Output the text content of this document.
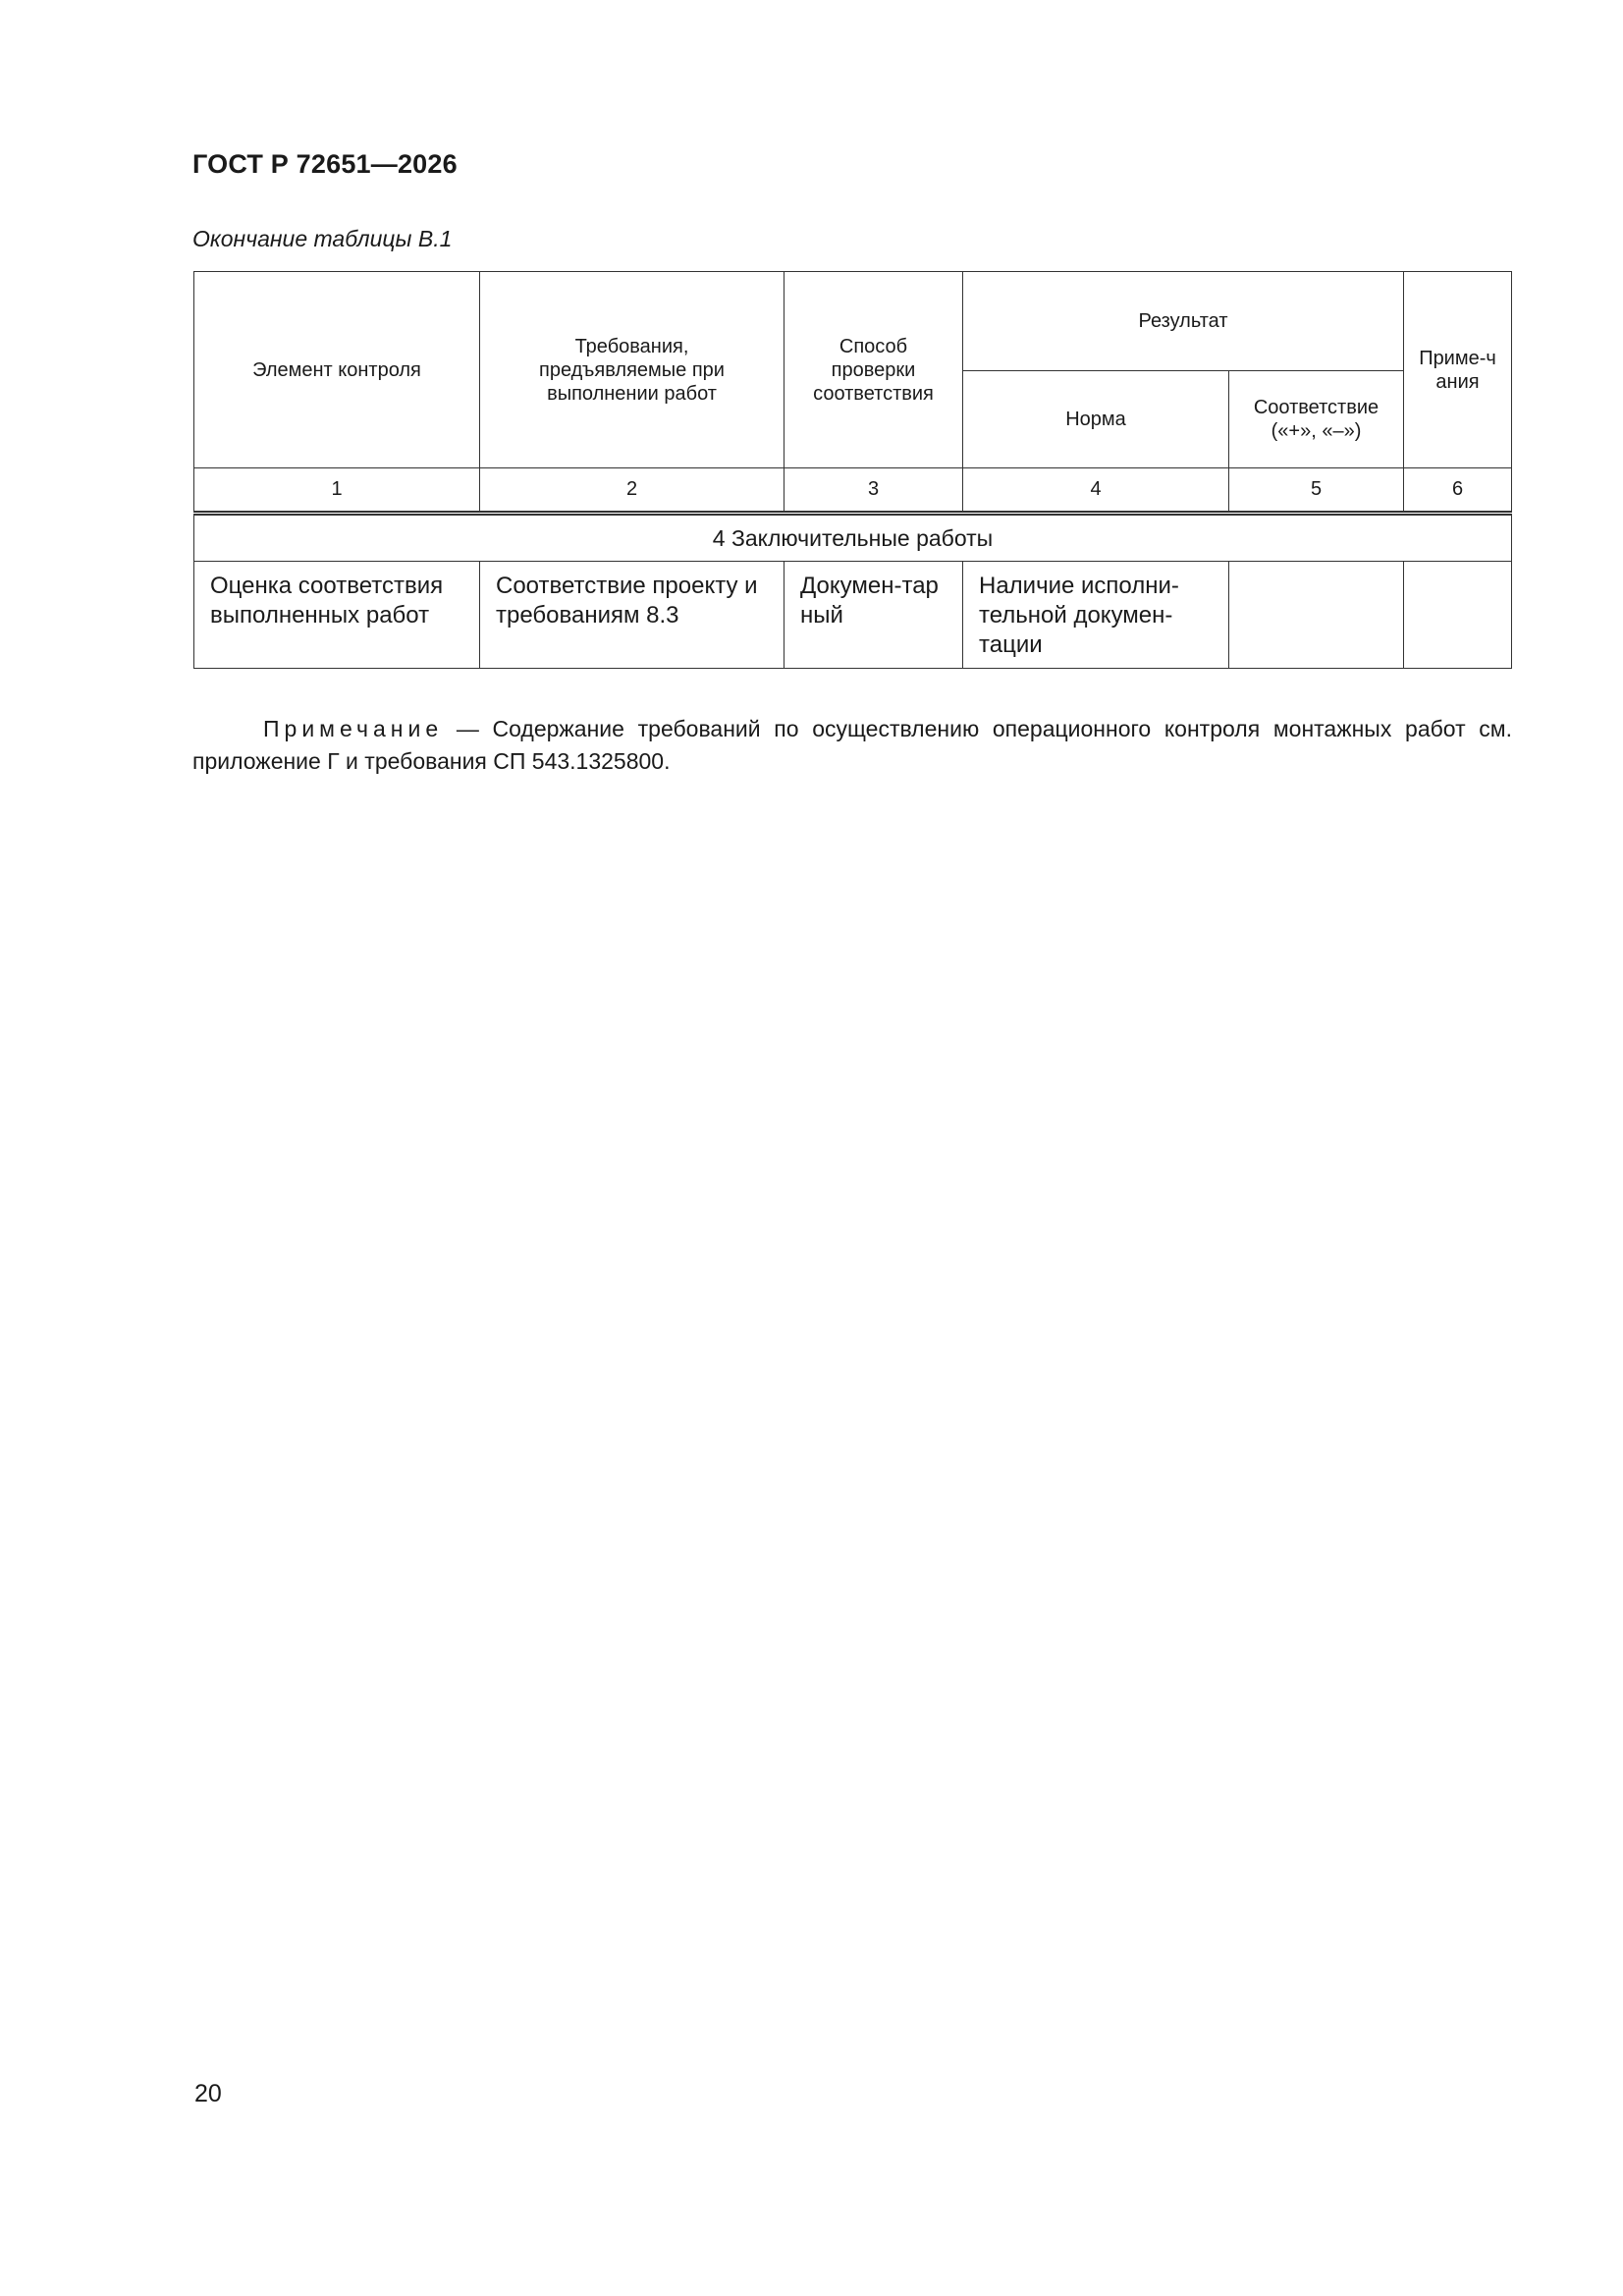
ГОСТ Р 72651—2026
Окончание таблицы В.1
Элемент контроля	Требования, предъявляемые при выполнении работ	Способ проверки соответствия	Результат		Приме-чания

			Норма	Соответствие («+», «–»)	

1	2	3	4	5	6
4 Заключительные работы					
Оценка соответствия выполненных работ	Соответствие проекту и требованиям 8.3	Докумен-тарный	Наличие исполни-тельной докумен-тации		
Примечание — Содержание требований по осуществлению операционного контроля монтажных работ см. приложение Г и требования СП 543.1325800.
20
